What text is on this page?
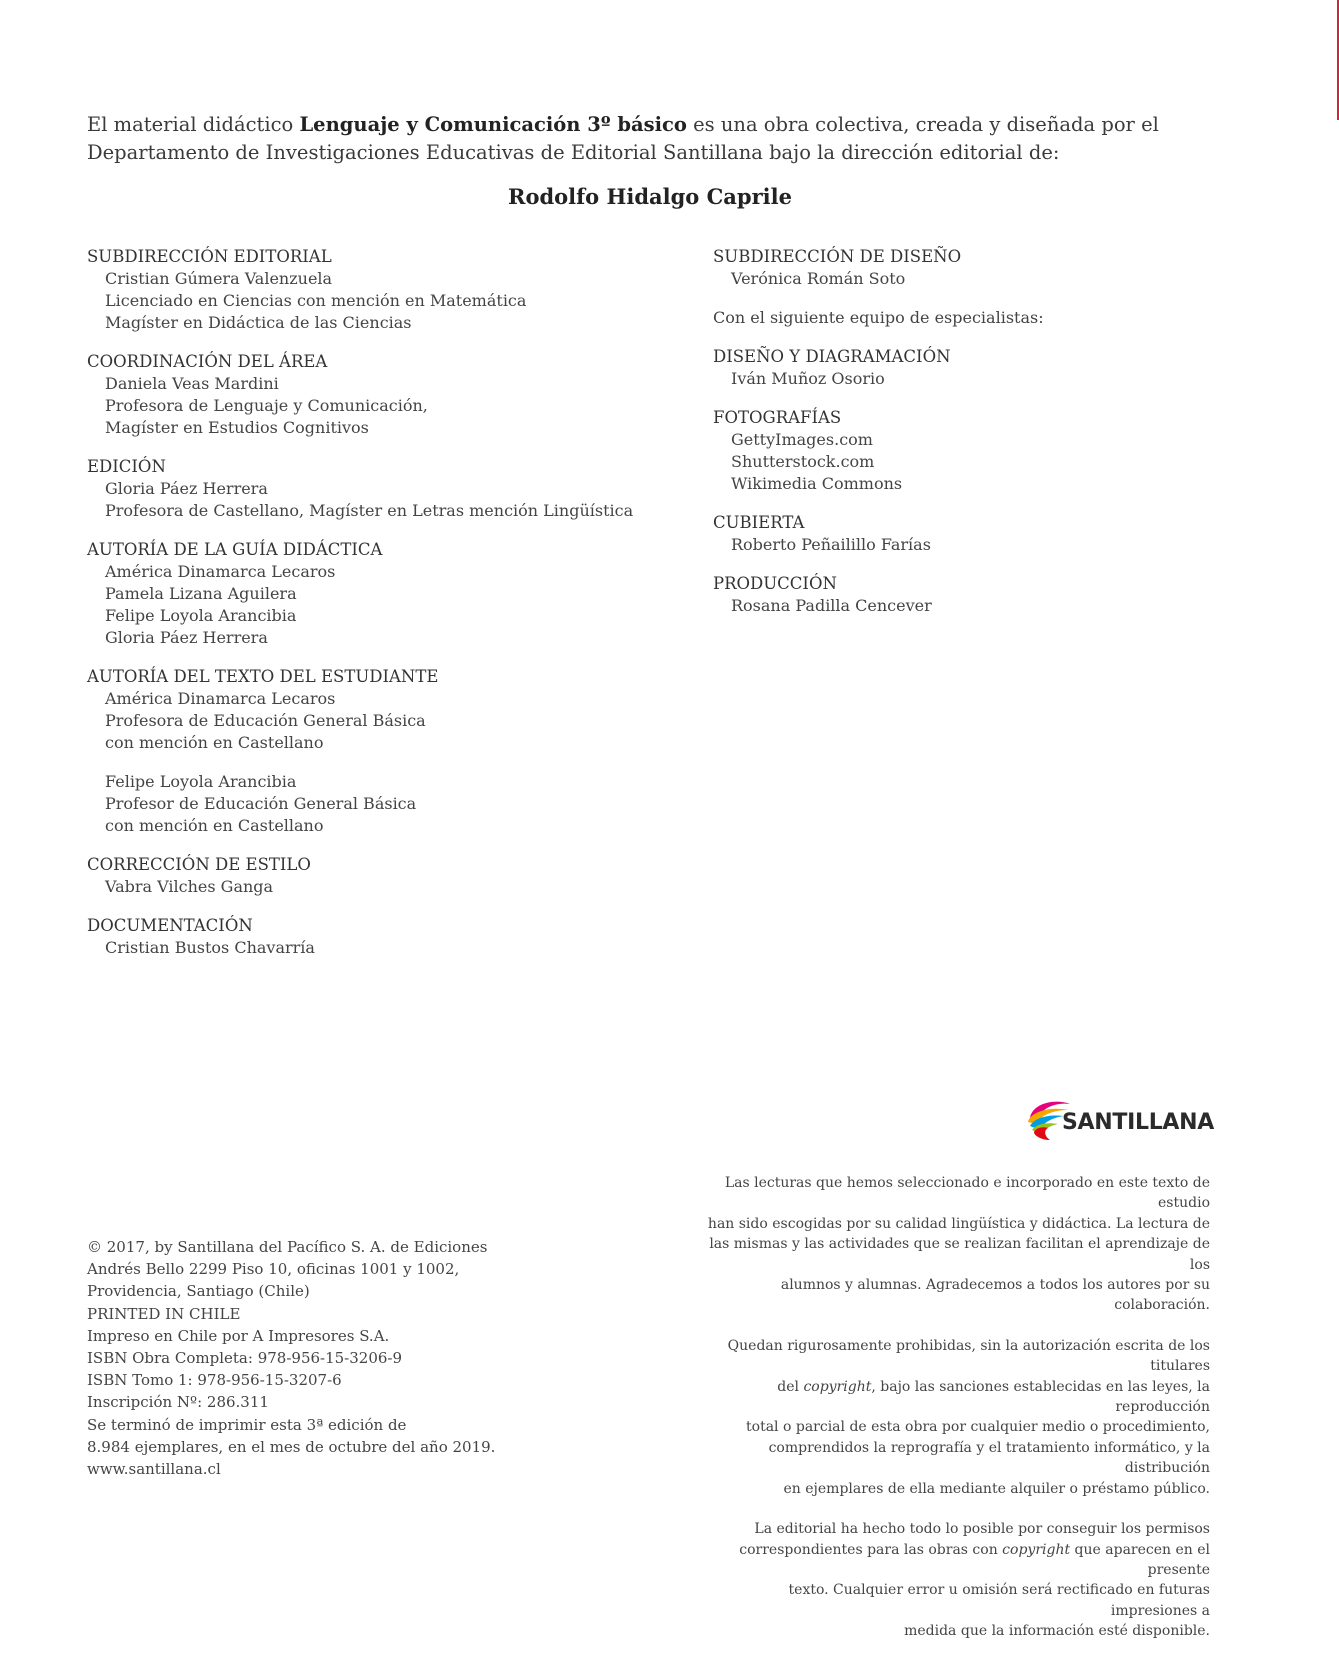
El material didáctico Lenguaje y Comunicación 3º básico es una obra colectiva, creada y diseñada por el Departamento de Investigaciones Educativas de Editorial Santillana bajo la dirección editorial de:
Rodolfo Hidalgo Caprile
SUBDIRECCIÓN EDITORIAL
Cristian Gúmera Valenzuela
Licenciado en Ciencias con mención en Matemática
Magíster en Didáctica de las Ciencias
COORDINACIÓN DEL ÁREA
Daniela Veas Mardini
Profesora de Lenguaje y Comunicación,
Magíster en Estudios Cognitivos
EDICIÓN
Gloria Páez Herrera
Profesora de Castellano, Magíster en Letras mención Lingüística
AUTORÍA DE LA GUÍA DIDÁCTICA
América Dinamarca Lecaros
Pamela Lizana Aguilera
Felipe Loyola Arancibia
Gloria Páez Herrera
AUTORÍA DEL TEXTO DEL ESTUDIANTE
América Dinamarca Lecaros
Profesora de Educación General Básica
con mención en Castellano
Felipe Loyola Arancibia
Profesor de Educación General Básica
con mención en Castellano
CORRECCIÓN DE ESTILO
Vabra Vilches Ganga
DOCUMENTACIÓN
Cristian Bustos Chavarría
SUBDIRECCIÓN DE DISEÑO
Verónica Román Soto
Con el siguiente equipo de especialistas:
DISEÑO Y DIAGRAMACIÓN
Iván Muñoz Osorio
FOTOGRAFÍAS
GettyImages.com
Shutterstock.com
Wikimedia Commons
CUBIERTA
Roberto Peñailillo Farías
PRODUCCIÓN
Rosana Padilla Cencever
SANTILLANA
© 2017, by Santillana del Pacífico S. A. de Ediciones
Andrés Bello 2299 Piso 10, oficinas 1001 y 1002,
Providencia, Santiago (Chile)
PRINTED IN CHILE
Impreso en Chile por A Impresores S.A.
ISBN Obra Completa: 978-956-15-3206-9
ISBN Tomo 1: 978-956-15-3207-6
Inscripción Nº: 286.311
Se terminó de imprimir esta 3ª edición de
8.984 ejemplares, en el mes de octubre del año 2019.
www.santillana.cl

Las lecturas que hemos seleccionado e incorporado en este texto de estudio
han sido escogidas por su calidad lingüística y didáctica. La lectura de
las mismas y las actividades que se realizan facilitan el aprendizaje de los
alumnos y alumnas. Agradecemos a todos los autores por su colaboración.

Quedan rigurosamente prohibidas, sin la autorización escrita de los titulares
del copyright, bajo las sanciones establecidas en las leyes, la reproducción
total o parcial de esta obra por cualquier medio o procedimiento,
comprendidos la reprografía y el tratamiento informático, y la distribución
en ejemplares de ella mediante alquiler o préstamo público.

La editorial ha hecho todo lo posible por conseguir los permisos
correspondientes para las obras con copyright que aparecen en el presente
texto. Cualquier error u omisión será rectificado en futuras impresiones a
medida que la información esté disponible.
